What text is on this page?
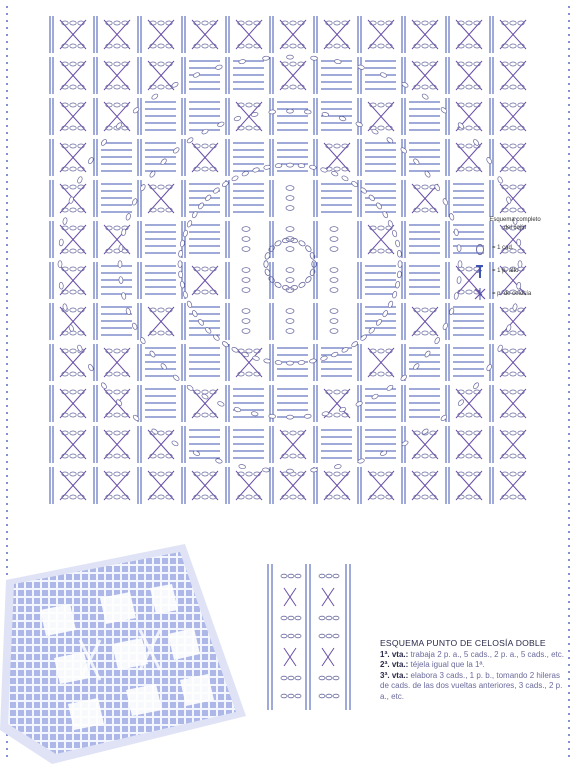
Esquema completo
del cojín
= 1 cad.
= 1 p. alto
= p. de celosía
ESQUEMA PUNTO DE CELOSÍA DOBLE

1ª. vta.: trabaja 2 p. a., 5 cads., 2 p. a., 5 cads., etc.

2ª. vta.: téjela igual que la 1ª.

3ª. vta.: elabora 3 cads., 1 p. b., tomando 2 hileras de cads. de las dos vueltas anteriores, 3 cads., 2 p. a., etc.
